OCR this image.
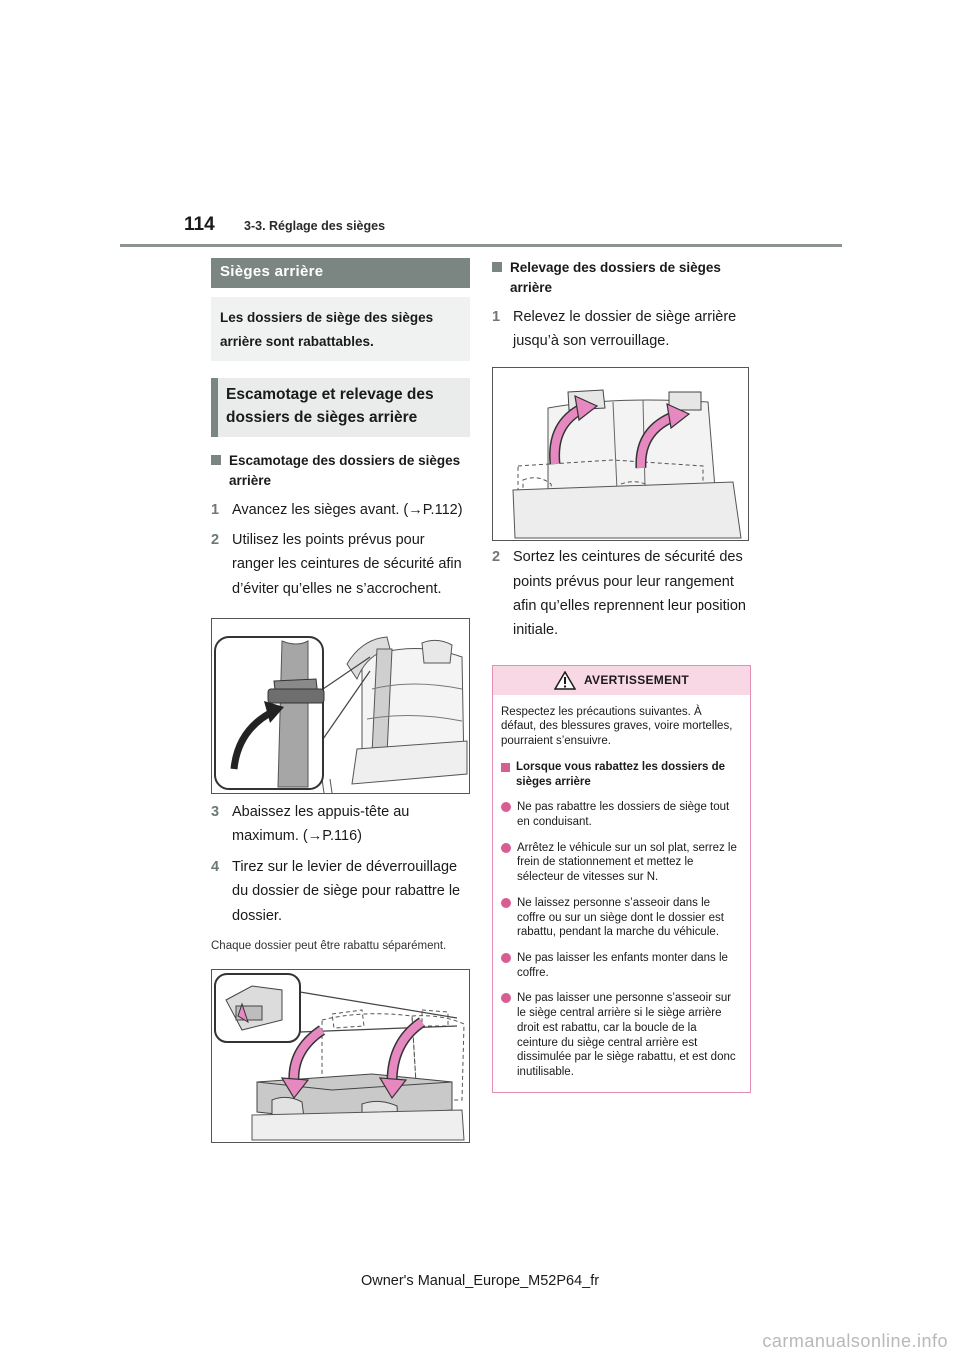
114 3-3. Réglage des sièges
Sièges arrière
Les dossiers de siège des sièges arrière sont rabattables.
Escamotage et relevage des dossiers de sièges arrière
Escamotage des dossiers de sièges arrière
1 Avancez les sièges avant. (→P.112)
2 Utilisez les points prévus pour ranger les ceintures de sécurité afin d’éviter qu’elles ne s’accrochent.
3 Abaissez les appuis-tête au maximum. (→P.116)
4 Tirez sur le levier de déverrouillage du dossier de siège pour rabattre le dossier.
Chaque dossier peut être rabattu séparément.
Relevage des dossiers de sièges arrière
1 Relevez le dossier de siège arrière jusqu’à son verrouillage.
2 Sortez les ceintures de sécurité des points prévus pour leur rangement afin qu’elles reprennent leur position initiale.
AVERTISSEMENT
Respectez les précautions suivantes. À défaut, des blessures graves, voire mortelles, pourraient s’ensuivre.
Lorsque vous rabattez les dossiers de sièges arrière
Ne pas rabattre les dossiers de siège tout en conduisant.
Arrêtez le véhicule sur un sol plat, serrez le frein de stationnement et mettez le sélecteur de vitesses sur N.
Ne laissez personne s’asseoir dans le coffre ou sur un siège dont le dossier est rabattu, pendant la marche du véhicule.
Ne pas laisser les enfants monter dans le coffre.
Ne pas laisser une personne s’asseoir sur le siège central arrière si le siège arrière droit est rabattu, car la boucle de la ceinture du siège central arrière est dissimulée par le siège rabattu, et est donc inutilisable.
Owner's Manual_Europe_M52P64_fr
carmanualsonline.info
